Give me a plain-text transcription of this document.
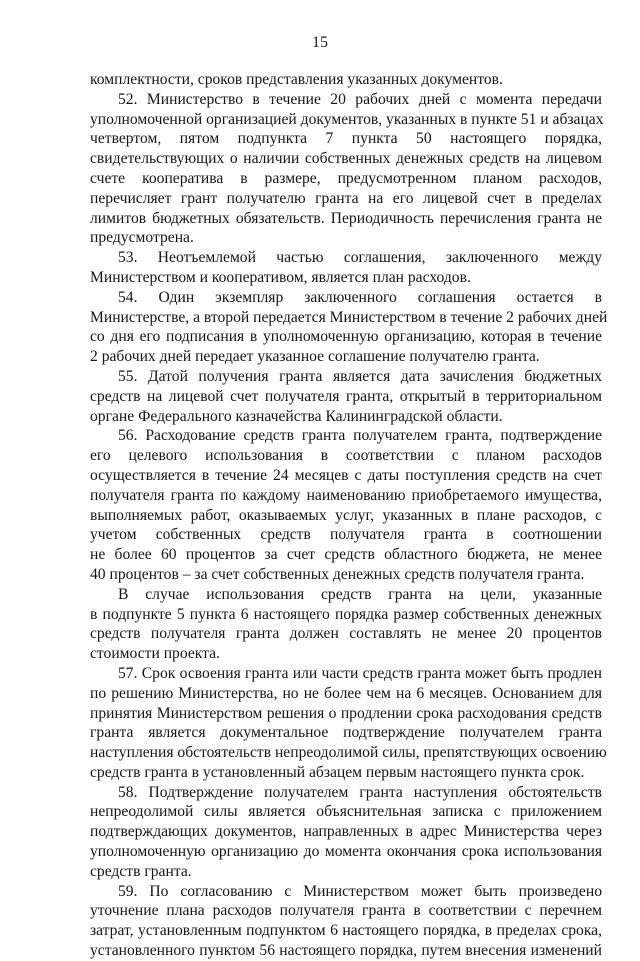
15

комплектности, сроков представления указанных документов.

52. Министерство в течение 20 рабочих дней с момента передачи
уполномоченной организацией документов, указанных в пункте 51 и абзацах
четвертом, пятом подпункта 7 пункта 50 настоящего порядка,
свидетельствующих о наличии собственных денежных средств на лицевом
счете кооператива в размере, предусмотренном планом расходов,
перечисляет грант получателю гранта на его лицевой счет в пределах
лимитов бюджетных обязательств. Периодичность перечисления гранта не
предусмотрена.

53. Неотъемлемой частью соглашения, заключенного между
Министерством и кооперативом, является план расходов.

54. Один экземпляр заключенного соглашения остается в
Министерстве, а второй передается Министерством в течение 2 рабочих дней
со дня его подписания в уполномоченную организацию, которая в течение
2 рабочих дней передает указанное соглашение получателю гранта.

55. Датой получения гранта является дата зачисления бюджетных
средств на лицевой счет получателя гранта, открытый в территориальном
органе Федерального казначейства Калининградской области.

56. Расходование средств гранта получателем гранта, подтверждение
его целевого использования в соответствии с планом расходов
осуществляется в течение 24 месяцев с даты поступления средств на счет
получателя гранта по каждому наименованию приобретаемого имущества,
выполняемых работ, оказываемых услуг, указанных в плане расходов, с
учетом собственных средств получателя гранта в соотношении
не более 60 процентов за счет средств областного бюджета, не менее
40 процентов – за счет собственных денежных средств получателя гранта.

В случае использования средств гранта на цели, указанные
в подпункте 5 пункта 6 настоящего порядка размер собственных денежных
средств получателя гранта должен составлять не менее 20 процентов
стоимости проекта.

57. Срок освоения гранта или части средств гранта может быть продлен
по решению Министерства, но не более чем на 6 месяцев. Основанием для
принятия Министерством решения о продлении срока расходования средств
гранта является документальное подтверждение получателем гранта
наступления обстоятельств непреодолимой силы, препятствующих освоению
средств гранта в установленный абзацем первым настоящего пункта срок.

58. Подтверждение получателем гранта наступления обстоятельств
непреодолимой силы является объяснительная записка с приложением
подтверждающих документов, направленных в адрес Министерства через
уполномоченную организацию до момента окончания срока использования
средств гранта.

59. По согласованию с Министерством может быть произведено
уточнение плана расходов получателя гранта в соответствии с перечнем
затрат, установленным подпунктом 6 настоящего порядка, в пределах срока,
установленного пунктом 56 настоящего порядка, путем внесения изменений
